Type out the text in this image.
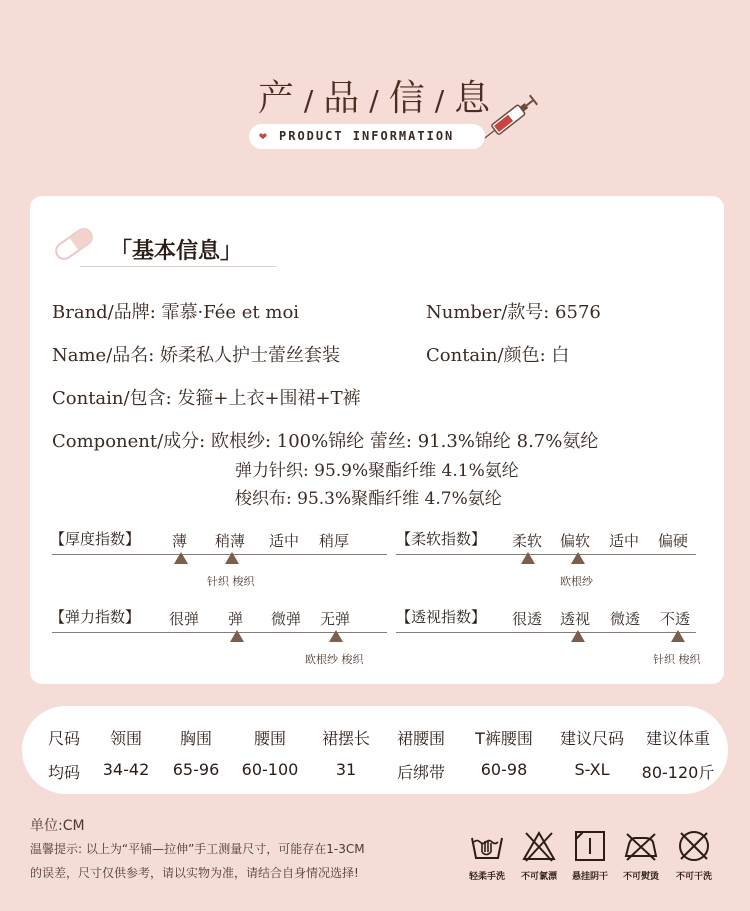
产 / 品 / 信 / 息
❤ PRODUCT INFORMATION
「基本信息」
Brand/品牌: 霏慕·Fée et moi	Number/款号: 6576
Name/品名: 娇柔私人护士蕾丝套装	Contain/颜色: 白
Contain/包含: 发箍+上衣+围裙+T裤
Component/成分: 欧根纱: 100%锦纶 蕾丝: 91.3%锦纶 8.7%氨纶
弹力针织: 95.9%聚酯纤维 4.1%氨纶
梭织布: 95.3%聚酯纤维 4.7%氨纶
【厚度指数】 薄 稍薄 适中 稍厚
针织 梭织
【柔软指数】 柔软 偏软 适中 偏硬
欧根纱
【弹力指数】 很弹 弹 微弹 无弹
欧根纱 梭织
【透视指数】 很透 透视 微透 不透
针织 梭织
尺码	领围	胸围	腰围	裙摆长	裙腰围	T裤腰围	建议尺码	建议体重
均码	34-42	65-96	60-100	31	后绑带	60-98	S-XL	80-120斤
单位:CM
温馨提示: 以上为“平铺—拉伸”手工测量尺寸，可能存在1-3CM
的误差，尺寸仅供参考，请以实物为准，请结合自身情况选择!	轻柔手洗	不可氯漂	悬挂阴干	不可熨烫	不可干洗
